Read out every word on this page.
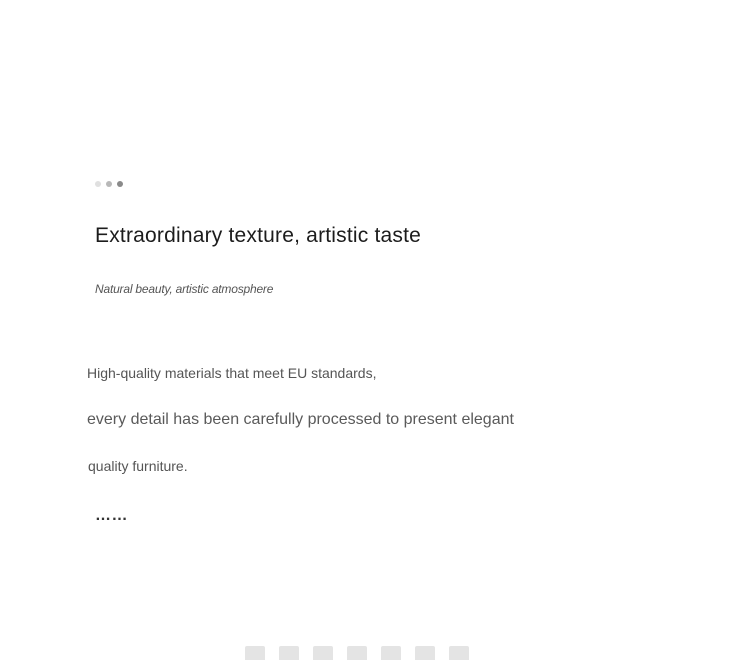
Extraordinary texture, artistic taste
Natural beauty, artistic atmosphere
High-quality materials that meet EU standards,
every detail has been carefully processed to present elegant
quality furniture.
……
